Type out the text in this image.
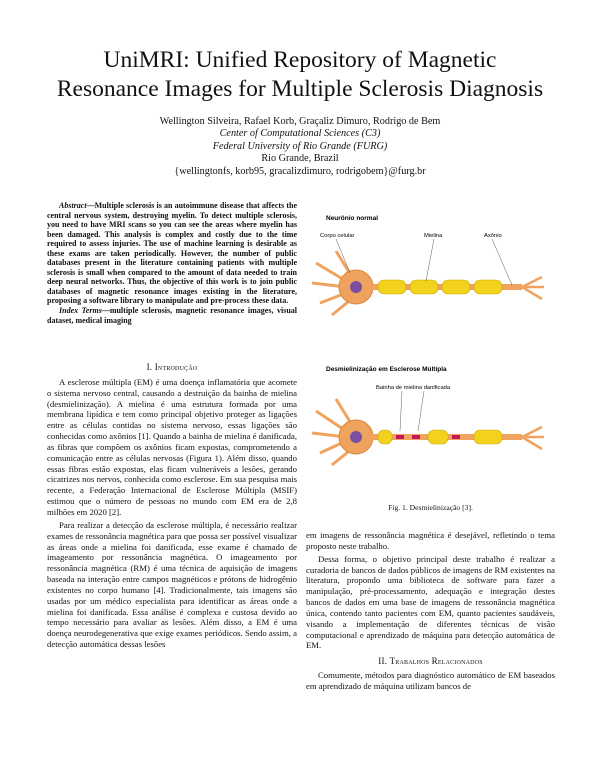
UniMRI: Unified Repository of Magnetic
Resonance Images for Multiple Sclerosis Diagnosis
Wellington Silveira, Rafael Korb, Graçaliz Dimuro, Rodrigo de Bem
Center of Computational Sciences (C3)
Federal University of Rio Grande (FURG)
Rio Grande, Brazil
{wellingtonfs, korb95, gracalizdimuro, rodrigobem}@furg.br

Abstract—Multiple sclerosis is an autoimmune disease that affects the central nervous system, destroying myelin. To detect multiple sclerosis, you need to have MRI scans so you can see the areas where myelin has been damaged. This analysis is complex and costly due to the time required to assess injuries. The use of machine learning is desirable as these exams are taken periodically. However, the number of public databases present in the literature containing patients with multiple sclerosis is small when compared to the amount of data needed to train deep neural networks. Thus, the objective of this work is to join public databases of magnetic resonance images existing in the literature, proposing a software library to manipulate and pre-process these data.

Index Terms—multiple sclerosis, magnetic resonance images, visual dataset, medical imaging

I. Introdução

A esclerose múltipla (EM) é uma doença inflamatória que acomete o sistema nervoso central, causando a destruição da bainha de mielina (desmielinização). A mielina é uma estrutura formada por uma membrana lipídica e tem como principal objetivo proteger as ligações entre as células contidas no sistema nervoso, essas ligações são conhecidas como axônios [1]. Quando a bainha de mielina é danificada, as fibras que compõem os axônios ficam expostas, comprometendo a comunicação entre as células nervosas (Figura 1). Além disso, quando essas fibras estão expostas, elas ficam vulneráveis a lesões, gerando cicatrizes nos nervos, conhecida como esclerose. Em sua pesquisa mais recente, a Federação Internacional de Esclerose Múltipla (MSIF) estimou que o número de pessoas no mundo com EM era de 2,8 milhões em 2020 [2].

Para realizar a detecção da esclerose múltipla, é necessário realizar exames de ressonância magnética para que possa ser possível visualizar as áreas onde a mielina foi danificada, esse exame é chamado de imageamento por ressonância magnética. O imageamento por ressonância magnética (RM) é uma técnica de aquisição de imagens baseada na interação entre campos magnéticos e prótons de hidrogênio existentes no corpo humano [4]. Tradicionalmente, tais imagens são usadas por um médico especialista para identificar as áreas onde a mielina foi danificada. Essa análise é complexa e custosa devido ao tempo necessário para avaliar as lesões. Além disso, a EM é uma doença neurodegenerativa que exige exames periódicos. Sendo assim, a detecção automática dessas lesões

Neurônio normal
Corpo celular	Mielina	Axônio
Desmielinização em Esclerose Múltipla
Bainha de mielina danificada
Fig. 1. Desmielinização [3].

em imagens de ressonância magnética é desejável, refletindo o tema proposto neste trabalho.

Dessa forma, o objetivo principal deste trabalho é realizar a curadoria de bancos de dados públicos de imagens de RM existentes na literatura, propondo uma biblioteca de software para fazer a manipulação, pré-processamento, adequação e integração destes bancos de dados em uma base de imagens de ressonância magnética única, contendo tanto pacientes com EM, quanto pacientes saudáveis, visando a implementação de diferentes técnicas de visão computacional e aprendizado de máquina para detecção automática de EM.

II. Trabalhos Relacionados

Comumente, métodos para diagnóstico automático de EM baseados em aprendizado de máquina utilizam bancos de
